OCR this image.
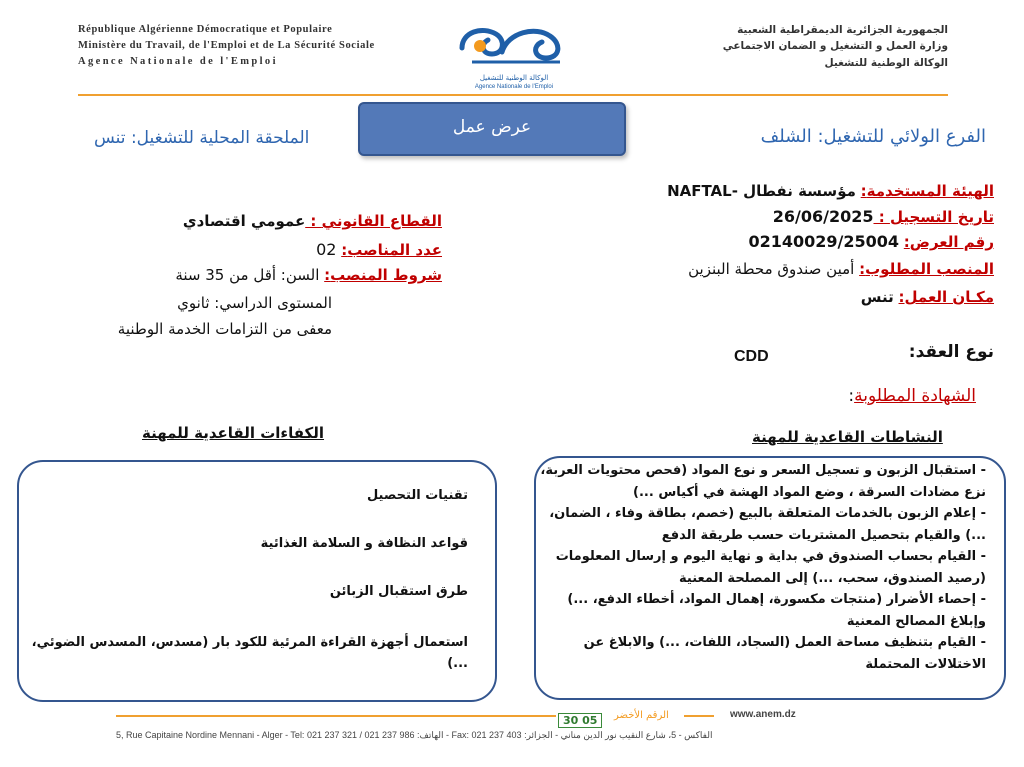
République Algérienne Démocratique et Populaire
Ministère du Travail, de l'Emploi et de La Sécurité Sociale
Agence Nationale de l'Emploi
الجمهورية الجزائرية الديمقراطية الشعبية
وزارة العمل و التشغيل و الضمان الاجتماعي
الوكالة الوطنية للتشغيل
الوكالة الوطنية للتشغيل
Agence Nationale de l'Emploi
الملحقة المحلية للتشغيل: تنس
عرض عمل	الفرع الولائي للتشغيل: الشلف
الهيئة المستخدمة: مؤسسة نفطال -NAFTAL
تاريخ التسجيل : 26/06/2025
رقم العرض: 02140029/25004
المنصب المطلوب: أمين صندوق محطة البنزين
مكـان العمل: تنس
نوع العقد:
CDD
الشهادة المطلوبة:
القطاع القانوني : عمومي اقتصادي
عدد المناصب: 02
شروط المنصب: السن: أقل من 35 سنة
المستوى الدراسي: ثانوي
معفى من التزامات الخدمة الوطنية
الكفاءات القاعدية للمهنة	النشاطات القاعدية للمهنة
تقنيات التحصيل
قواعد النظافة و السلامة الغذائية
طرق استقبال الزبائن
استعمال أجهزة القراءة المرئية للكود بار (مسدس، المسدس الضوئي، ...)
- استقبال الزبون و تسجيل السعر و نوع المواد (فحص محتويات العربة، نزع مضادات السرقة ، وضع المواد الهشة في أكياس ...)
- إعلام الزبون بالخدمات المتعلقة بالبيع (خصم، بطاقة وفاء ، الضمان، ...) والقيام بتحصيل المشتريات حسب طريقة الدفع
- القيام بحساب الصندوق في بداية و نهاية اليوم و إرسال المعلومات (رصيد الصندوق، سحب، ...) إلى المصلحة المعنية
- إحصاء الأضرار (منتجات مكسورة، إهمال المواد، أخطاء الدفع، ...) وإبلاغ المصالح المعنية
- القيام بتنظيف مساحة العمل (السجاد، اللفات، ...) والابلاغ عن الاختلالات المحتملة
30 05	الرقم الأخضر	www.anem.dz
5, Rue Capitaine Nordine Mennani - Alger - Tel: 021 237 321 / 021 237 986 :الهاتف - Fax: 021 237 403 :الفاكس - 5، شارع النقيب نور الدين مناني - الجزائر
